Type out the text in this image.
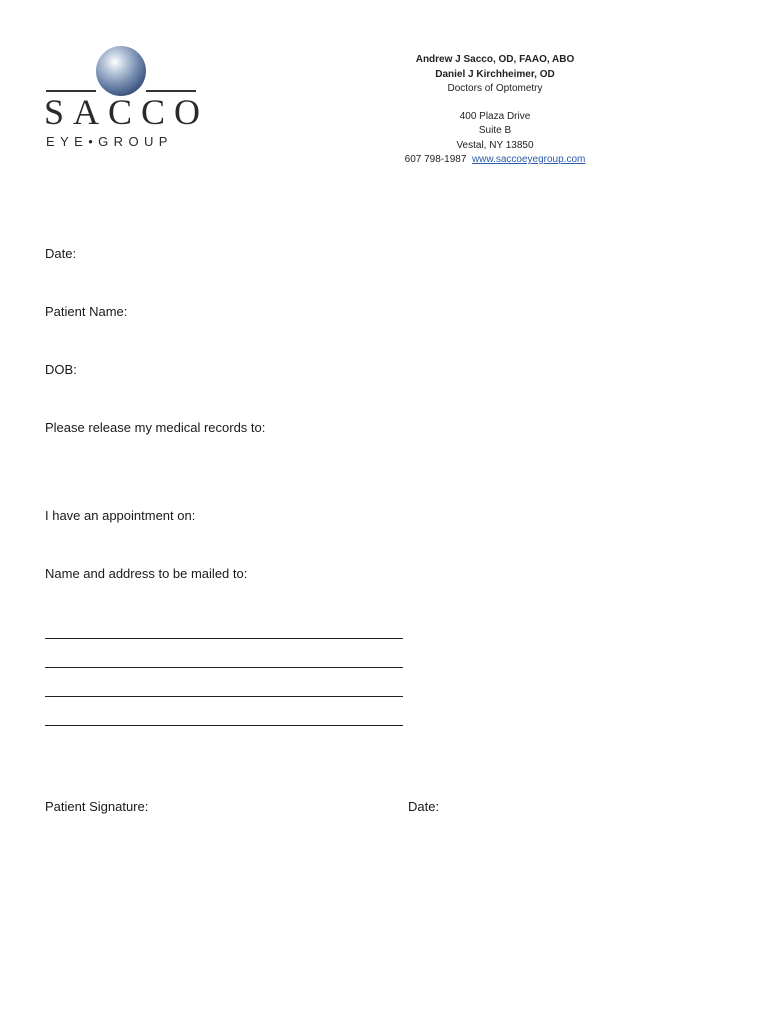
SACCO
EYE•GROUP
Andrew J Sacco, OD, FAAO, ABO
Daniel J Kirchheimer, OD
Doctors of Optometry
400 Plaza Drive
Suite B
Vestal, NY 13850
607 798-1987 www.saccoeyegroup.com
Date:
Patient Name:
DOB:
Please release my medical records to:
I have an appointment on:
Name and address to be mailed to:
Patient Signature:	Date:
